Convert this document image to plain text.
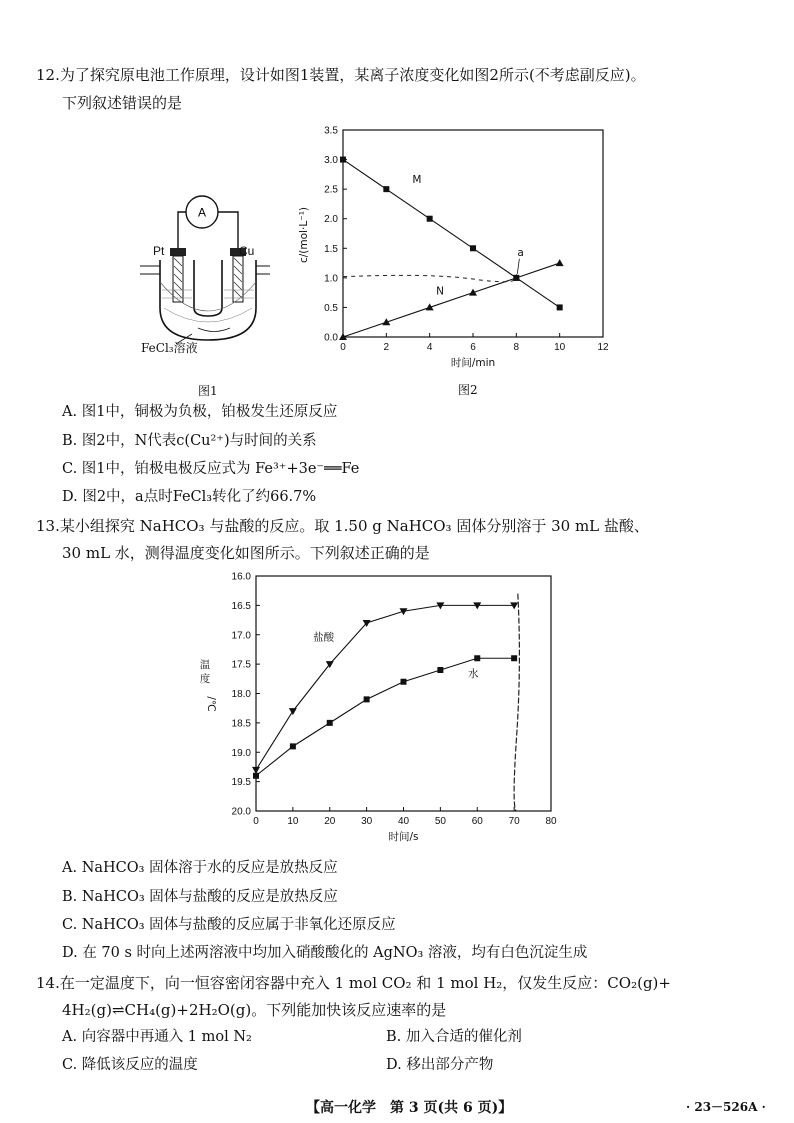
12.为了探究原电池工作原理，设计如图1装置，某离子浓度变化如图2所示(不考虑副反应)。
下列叙述错误的是
A
Pt	Cu
FeCl₃溶液
图1
0	2	4	6	8	10	12
0.0
0.5
1.0
1.5
2.0
2.5
3.0
3.5
时间/min
c/(mol·L⁻¹)
M
N
a
图2
A. 图1中，铜极为负极，铂极发生还原反应
B. 图2中，N代表c(Cu²⁺)与时间的关系
C. 图1中，铂极电极反应式为 Fe³⁺+3e⁻══Fe
D. 图2中，a点时FeCl₃转化了约66.7%
13.某小组探究 NaHCO₃ 与盐酸的反应。取 1.50 g NaHCO₃ 固体分别溶于 30 mL 盐酸、
30 mL 水，测得温度变化如图所示。下列叙述正确的是
0	10	20	30	40	50	60	70	80
16.0
16.5
17.0
17.5
18.0
18.5
19.0
19.5
20.0
时间/s
温
度
/℃
盐酸
水
A. NaHCO₃ 固体溶于水的反应是放热反应
B. NaHCO₃ 固体与盐酸的反应是放热反应
C. NaHCO₃ 固体与盐酸的反应属于非氧化还原反应
D. 在 70 s 时向上述两溶液中均加入硝酸酸化的 AgNO₃ 溶液，均有白色沉淀生成
14.在一定温度下，向一恒容密闭容器中充入 1 mol CO₂ 和 1 mol H₂，仅发生反应：CO₂(g)+
4H₂(g)⇌CH₄(g)+2H₂O(g)。下列能加快该反应速率的是
A. 向容器中再通入 1 mol N₂	B. 加入合适的催化剂
C. 降低该反应的温度	D. 移出部分产物
【高一化学　第 3 页(共 6 页)】	· 23－526A ·
